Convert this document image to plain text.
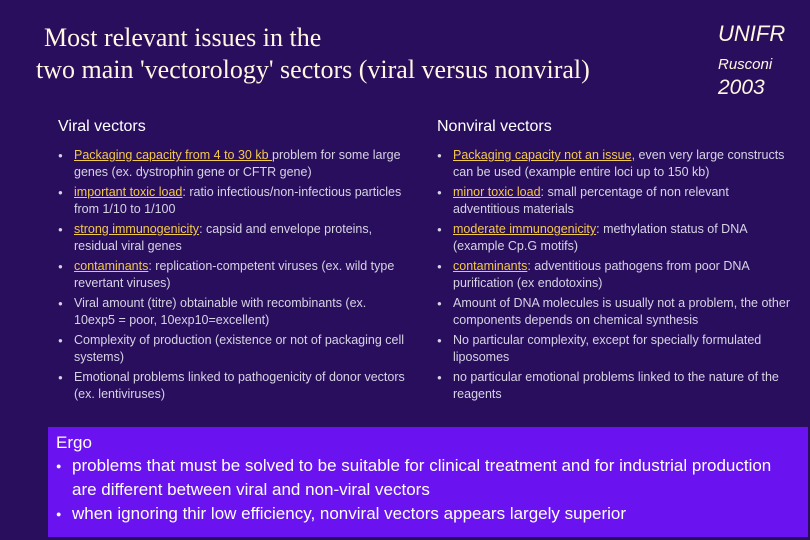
Most relevant issues in the
two main 'vectorology' sectors (viral versus nonviral)
UNIFR
Rusconi
2003
Viral vectors
● Packaging capacity from 4 to 30 kb problem for some large genes (ex. dystrophin gene or CFTR gene)
● important toxic load: ratio infectious/non-infectious particles from 1/10 to 1/100
● strong immunogenicity: capsid and envelope proteins, residual viral genes
● contaminants: replication-competent viruses (ex. wild type revertant viruses)
● Viral amount (titre) obtainable with recombinants (ex. 10exp5 = poor, 10exp10=excellent)
● Complexity of production (existence or not of packaging cell systems)
● Emotional problems linked to pathogenicity of donor vectors (ex. lentiviruses)
Nonviral vectors
● Packaging capacity not an issue, even very large constructs can be used (example entire loci up to 150 kb)
● minor toxic load: small percentage of non relevant adventitious materials
● moderate immunogenicity: methylation status of DNA (example Cp.G motifs)
● contaminants: adventitious pathogens from poor DNA purification (ex endotoxins)
● Amount of DNA molecules is usually not a problem, the other components depends on chemical synthesis
● No particular complexity, except for specially formulated liposomes
● no particular emotional problems linked to the nature of the reagents
Ergo
● problems that must be solved to be suitable for clinical treatment and for industrial production are different between viral and non-viral vectors
● when ignoring thir low efficiency, nonviral vectors appears largely superior
